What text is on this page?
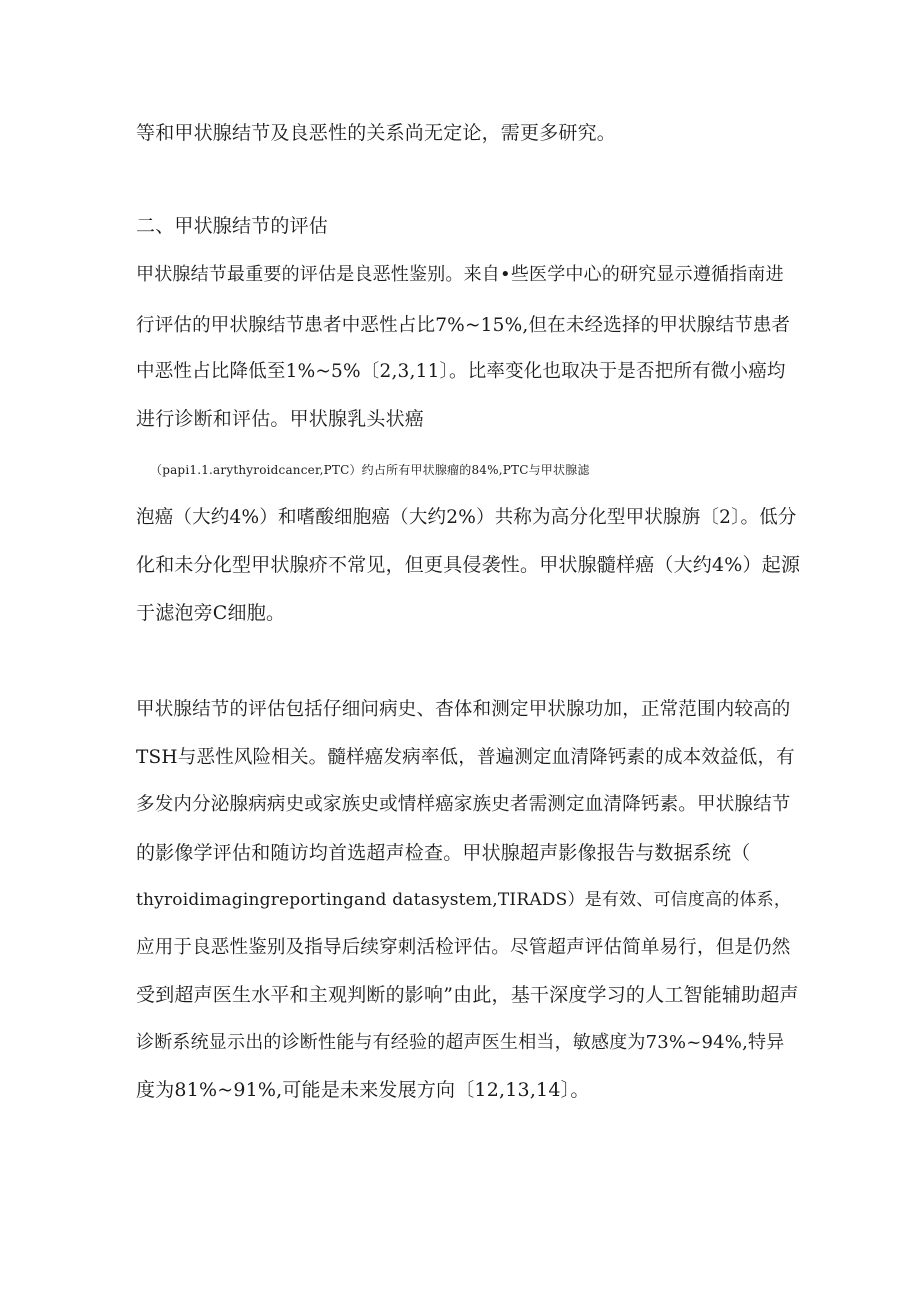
等和甲状腺结节及良恶性的关系尚无定论，需更多研究。
二、甲状腺结节的评估
甲状腺结节最重要的评估是良恶性鉴别。来自•些医学中心的研究显示遵循指南进
行评估的甲状腺结节患者中恶性占比7%~15%,但在未经选择的甲状腺结节患者
中恶性占比降低至1%~5%〔2,3,11〕。比率变化也取决于是否把所有微小癌均
进行诊断和评估。甲状腺乳头状癌
（papi1.1.arythyroidcancer,PTC）约占所有甲状腺瘤的84%,PTC与甲状腺滤
泡癌（大约4%）和嗜酸细胞癌（大约2%）共称为高分化型甲状腺旃〔2〕。低分
化和未分化型甲状腺疥不常见，但更具侵袭性。甲状腺髓样癌（大约4%）起源
于滤泡旁C细胞。
甲状腺结节的评估包括仔细问病史、杳体和测定甲状腺功加，正常范围内较高的
TSH与恶性风险相关。髓样癌发病率低，普遍测定血清降钙素的成本效益低，有
多发内分泌腺病病史或家族史或情样癌家族史者需测定血清降钙素。甲状腺结节
的影像学评估和随访均首选超声检查。甲状腺超声影像报告与数据系统（
thyroidimagingreportingand datasystem,TIRADS）是有效、可信度高的体系，
应用于良恶性鉴别及指导后续穿刺活检评估。尽管超声评估简单易行，但是仍然
受到超声医生水平和主观判断的影响”由此，基干深度学习的人工智能辅助超声
诊断系统显示出的诊断性能与有经验的超声医生相当，敏感度为73%~94%,特异
度为81%~91%,可能是未来发展方向〔12,13,14〕。
